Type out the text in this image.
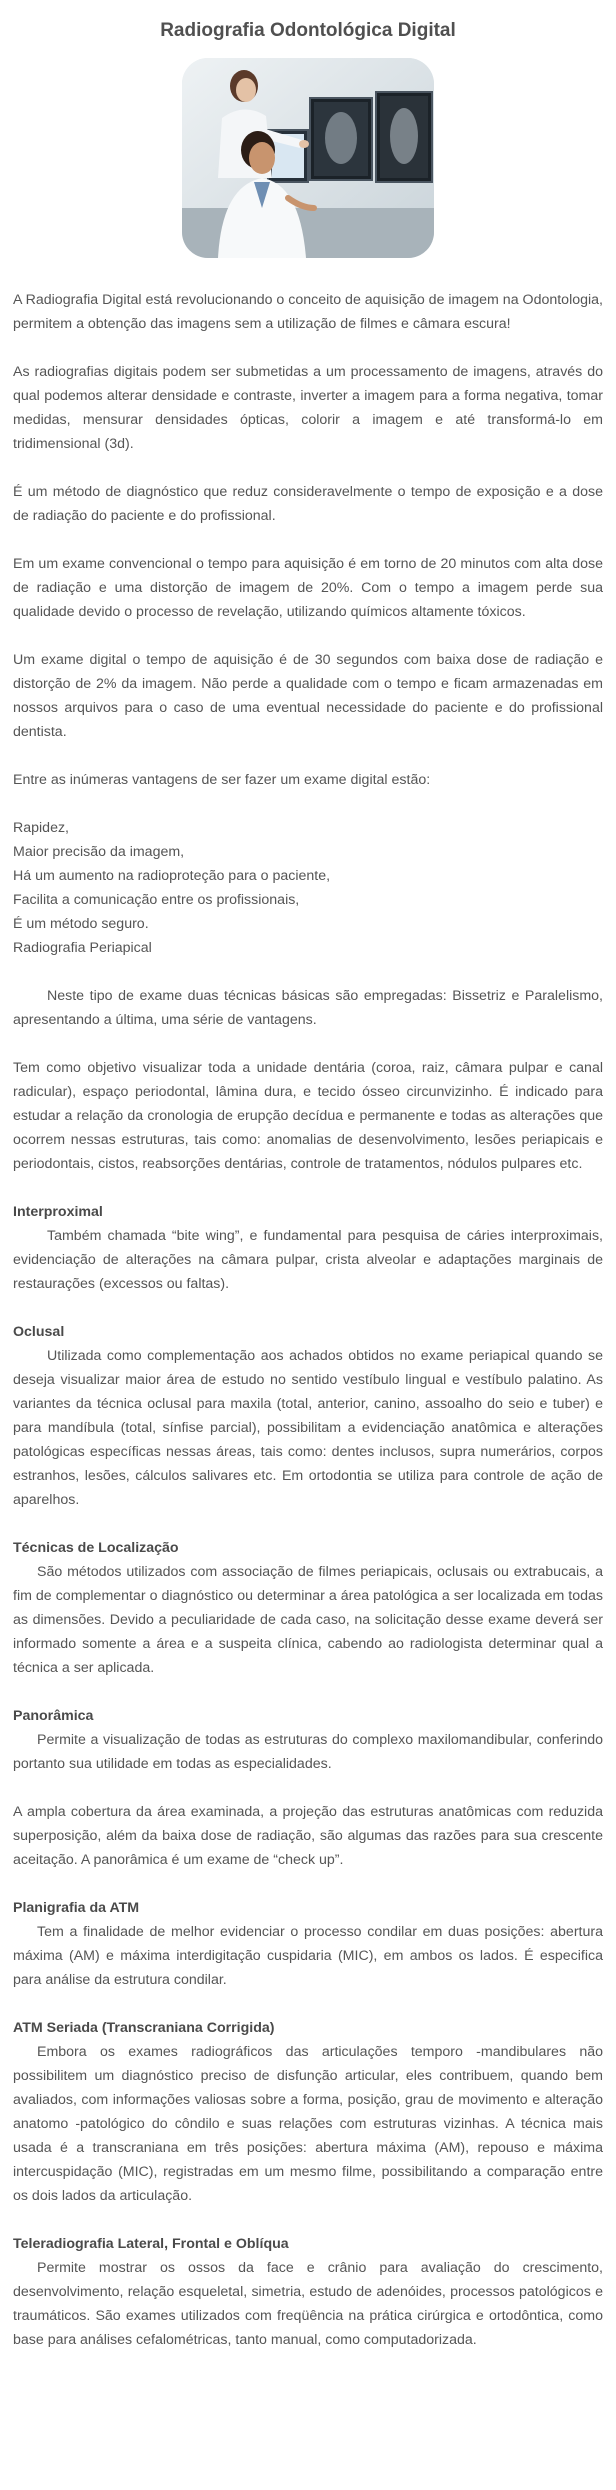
Radiografia Odontológica Digital

A Radiografia Digital está revolucionando o conceito de aquisição de imagem na Odontologia, permitem a obtenção das imagens sem a utilização de filmes e câmara escura!

As radiografias digitais podem ser submetidas a um processamento de imagens, através do qual podemos alterar densidade e contraste, inverter a imagem para a forma negativa, tomar medidas, mensurar densidades ópticas, colorir a imagem e até transformá-lo em tridimensional (3d).

É um método de diagnóstico que reduz consideravelmente o tempo de exposição e a dose de radiação do paciente e do profissional.

Em um exame convencional o tempo para aquisição é em torno de 20 minutos com alta dose de radiação e uma distorção de imagem de 20%. Com o tempo a imagem perde sua qualidade devido o processo de revelação, utilizando químicos altamente tóxicos.

Um exame digital o tempo de aquisição é de 30 segundos com baixa dose de radiação e distorção de 2% da imagem. Não perde a qualidade com o tempo e ficam armazenadas em nossos arquivos para o caso de uma eventual necessidade do paciente e do profissional dentista.

Entre as inúmeras vantagens de ser fazer um exame digital estão:

Rapidez,

Maior precisão da imagem,

Há um aumento na radioproteção para o paciente,

Facilita a comunicação entre os profissionais,

É um método seguro.

Radiografia Periapical

Neste tipo de exame duas técnicas básicas são empregadas: Bissetriz e Paralelismo, apresentando a última, uma série de vantagens.

Tem como objetivo visualizar toda a unidade dentária (coroa, raiz, câmara pulpar e canal radicular), espaço periodontal, lâmina dura, e tecido ósseo circunvizinho. É indicado para estudar a relação da cronologia de erupção decídua e permanente e todas as alterações que ocorrem nessas estruturas, tais como: anomalias de desenvolvimento, lesões periapicais e periodontais, cistos, reabsorções dentárias, controle de tratamentos, nódulos pulpares etc.

Interproximal

Também chamada “bite wing”, e fundamental para pesquisa de cáries interproximais, evidenciação de alterações na câmara pulpar, crista alveolar e adaptações marginais de restaurações (excessos ou faltas).

Oclusal

Utilizada como complementação aos achados obtidos no exame periapical quando se deseja visualizar maior área de estudo no sentido vestíbulo lingual e vestíbulo palatino. As variantes da técnica oclusal para maxila (total, anterior, canino, assoalho do seio e tuber) e para mandíbula (total, sínfise parcial), possibilitam a evidenciação anatômica e alterações patológicas específicas nessas áreas, tais como: dentes inclusos, supra numerários, corpos estranhos, lesões, cálculos salivares etc. Em ortodontia se utiliza para controle de ação de aparelhos.

Técnicas de Localização

São métodos utilizados com associação de filmes periapicais, oclusais ou extrabucais, a fim de complementar o diagnóstico ou determinar a área patológica a ser localizada em todas as dimensões. Devido a peculiaridade de cada caso, na solicitação desse exame deverá ser informado somente a área e a suspeita clínica, cabendo ao radiologista determinar qual a técnica a ser aplicada.

Panorâmica

Permite a visualização de todas as estruturas do complexo maxilomandibular, conferindo portanto sua utilidade em todas as especialidades.

A ampla cobertura da área examinada, a projeção das estruturas anatômicas com reduzida superposição, além da baixa dose de radiação, são algumas das razões para sua crescente aceitação. A panorâmica é um exame de “check up”.

Planigrafia da ATM

Tem a finalidade de melhor evidenciar o processo condilar em duas posições: abertura máxima (AM) e máxima interdigitação cuspidaria (MIC), em ambos os lados. É especifica para análise da estrutura condilar.

ATM Seriada (Transcraniana Corrigida)

Embora os exames radiográficos das articulações temporo -mandibulares não possibilitem um diagnóstico preciso de disfunção articular, eles contribuem, quando bem avaliados, com informações valiosas sobre a forma, posição, grau de movimento e alteração anatomo -patológico do côndilo e suas relações com estruturas vizinhas. A técnica mais usada é a transcraniana em três posições: abertura máxima (AM), repouso e máxima intercuspidação (MIC), registradas em um mesmo filme, possibilitando a comparação entre os dois lados da articulação.

Teleradiografia Lateral, Frontal e Oblíqua

Permite mostrar os ossos da face e crânio para avaliação do crescimento, desenvolvimento, relação esqueletal, simetria, estudo de adenóides, processos patológicos e traumáticos. São exames utilizados com freqüência na prática cirúrgica e ortodôntica, como base para análises cefalométricas, tanto manual, como computadorizada.
